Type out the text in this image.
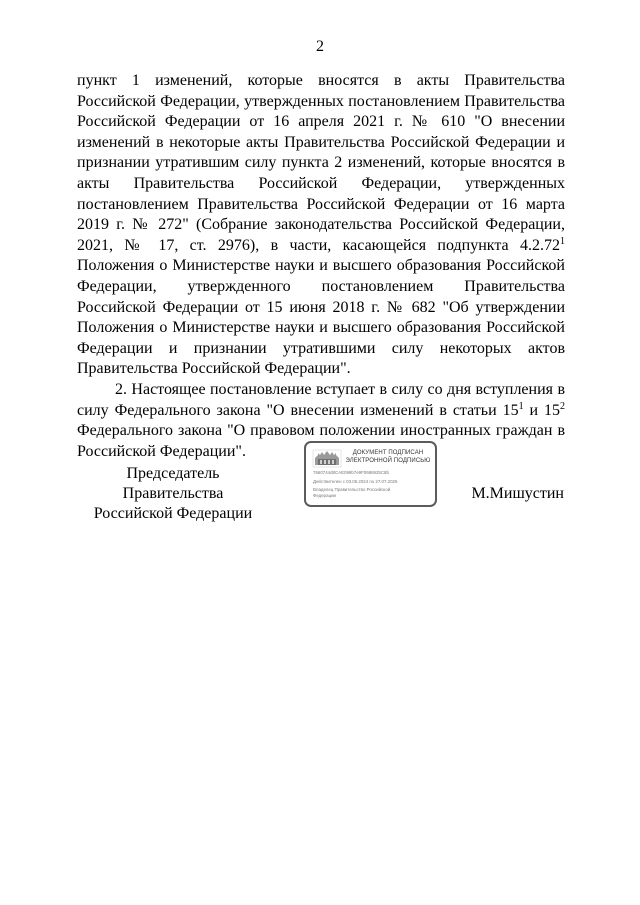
2

пункт 1 изменений, которые вносятся в акты Правительства Российской Федерации, утвержденных постановлением Правительства Российской Федерации от 16 апреля 2021 г. № 610 "О внесении изменений в некоторые акты Правительства Российской Федерации и признании утратившим силу пункта 2 изменений, которые вносятся в акты Правительства Российской Федерации, утвержденных постановлением Правительства Российской Федерации от 16 марта 2019 г. № 272" (Собрание законодательства Российской Федерации, 2021, № 17, ст. 2976), в части, касающейся подпункта 4.2.72$^1$ Положения о Министерстве науки и высшего образования Российской Федерации, утвержденного постановлением Правительства Российской Федерации от 15 июня 2018 г. № 682 "Об утверждении Положения о Министерстве науки и высшего образования Российской Федерации и признании утратившими силу некоторых актов Правительства Российской Федерации".

2. Настоящее постановление вступает в силу со дня вступления в силу Федерального закона "О внесении изменений в статьи $15^1$ и $15^2$ Федерального закона "О правовом положении иностранных граждан в Российской Федерации".

Председатель Правительства
Российской Федерации
ДОКУМЕНТ ПОДПИСАН
ЭЛЕКТРОННОЙ ПОДПИСЬЮ
7660744d8CAE099b7e9F0686925C8b
Действителен с 03.05.2024 по 27.07.2025
Владелец Правительство Российской
Федерации	М.Мишустин
